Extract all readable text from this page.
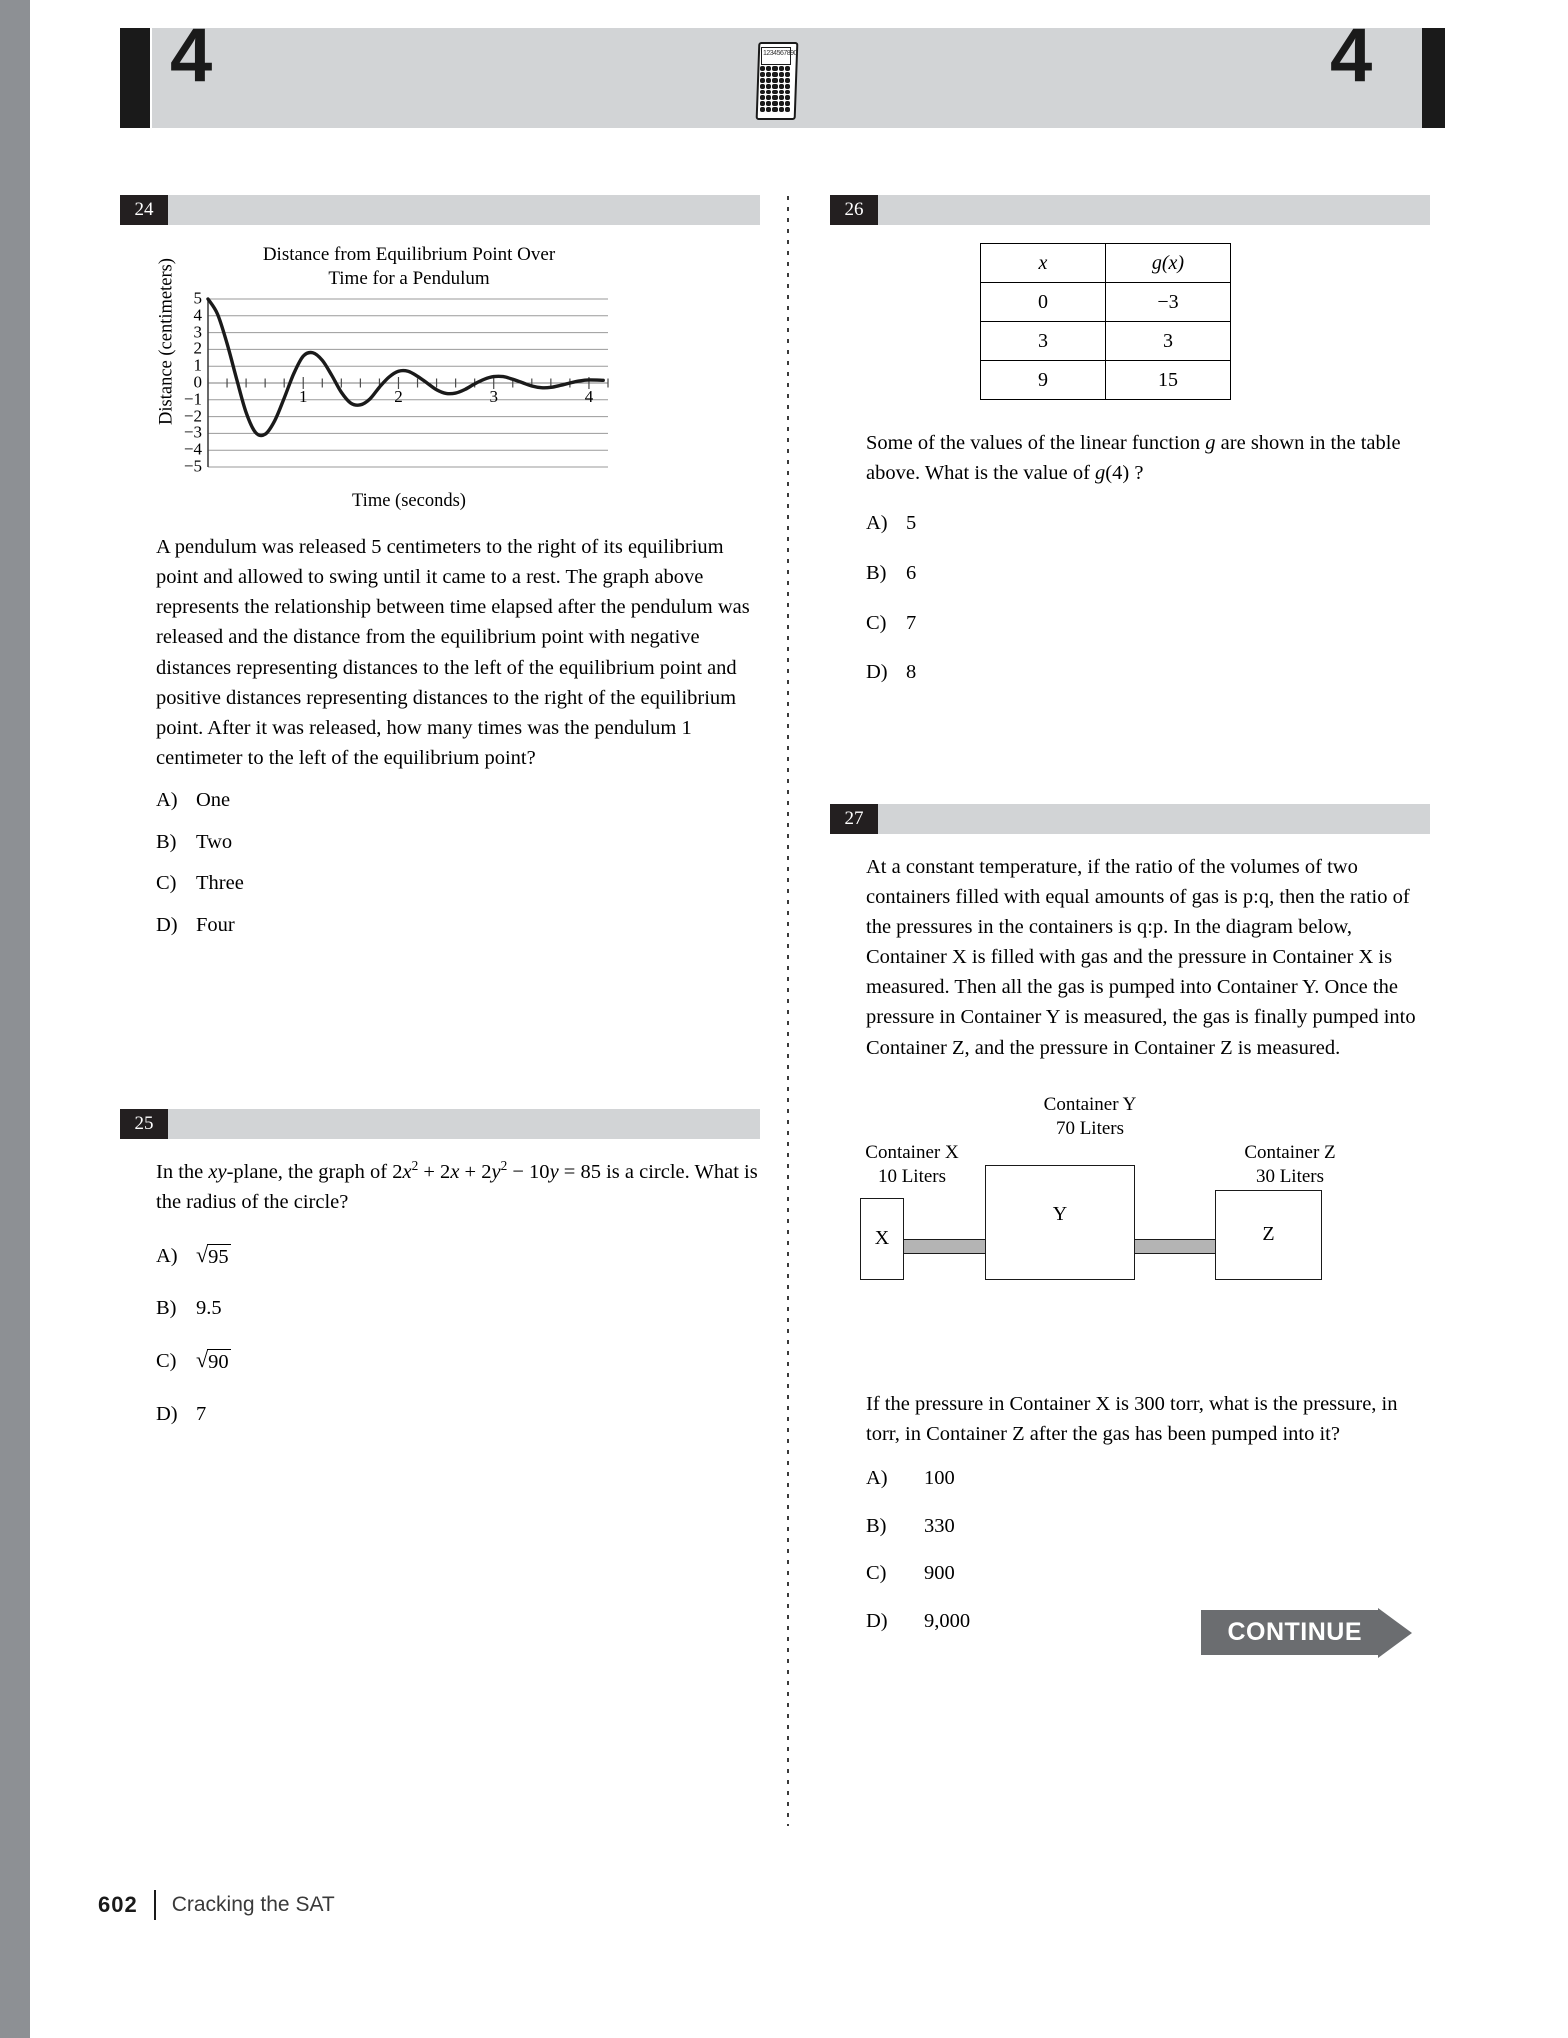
4	4
1234567890
24
Distance from Equilibrium Point Over
Time for a Pendulum
Distance (centimeters) 5
4
3
2
1
0
−1
−2
−3
−4
−5
1	2	3	4
Time (seconds)

A pendulum was released 5 centimeters to the right of its equilibrium point and allowed to swing until it came to a rest. The graph above represents the relationship between time elapsed after the pendulum was released and the distance from the equilibrium point with negative distances representing distances to the left of the equilibrium point and positive distances representing distances to the right of the equilibrium point. After it was released, how many times was the pendulum 1 centimeter to the left of the equilibrium point?

A) One
B) Two
C) Three
D) Four
25

In the xy-plane, the graph of $2x^2 + 2x + 2y^2 - 10y = 85$ is a circle. What is the radius of the circle?

A) √ 95
B) 9.5
C) √ 90
D) 7
26
x	g(x)
0	−3
3	3
9	15

Some of the values of the linear function g are shown in the table above. What is the value of g(4) ?

A) 5
B) 6
C) 7
D) 8
27

At a constant temperature, if the ratio of the volumes of two containers filled with equal amounts of gas is p:q, then the ratio of the pressures in the containers is q:p. In the diagram below, Container X is filled with gas and the pressure in Container X is measured. Then all the gas is pumped into Container Y. Once the pressure in Container Y is measured, the gas is finally pumped into Container Z, and the pressure in Container Z is measured.

Container X
10 Liters
Container Y
70 Liters
Container Z
30 Liters
X
Y
Z

If the pressure in Container X is 300 torr, what is the pressure, in torr, in Container Z after the gas has been pumped into it?

A)	100
B)	330
C)	900
D)	9,000	CONTINUE
602 Cracking the SAT
